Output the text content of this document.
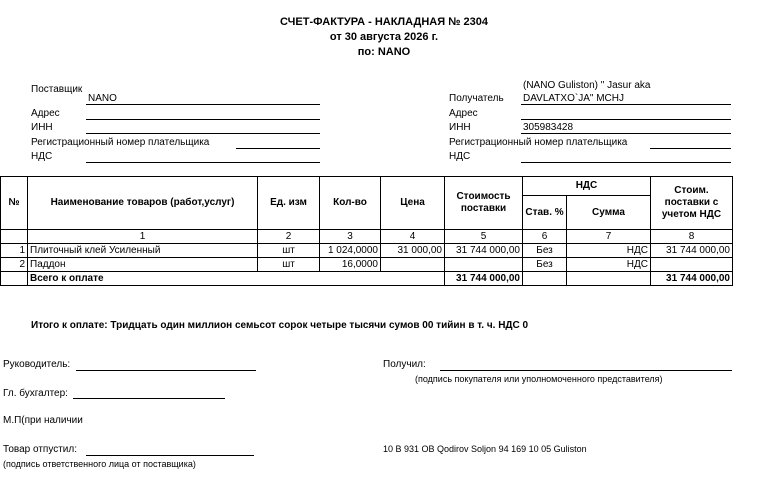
СЧЕТ-ФАКТУРА - НАКЛАДНАЯ № 2304
от 30 августа 2026 г.
по: NANO
Поставщик
NANO
Адрес
ИНН
Регистрационный номер плательщика
НДС
(NANO Guliston) " Jasur aka
Получатель DAVLATXO`JA" MCHJ
Адрес
ИНН	305983428
Регистрационный номер плательщика
НДС
№	Наименование товаров (работ,услуг)	Ед. изм	Кол-во	Цена	Стоимость поставки	НДС		Стоим. поставки с учетом НДС
						Став. %	Сумма	
	1	2	3	4	5	6	7	8
1	Плиточный клей Усиленный	шт	1 024,0000	31 000,00	31 744 000,00	Без	НДС	31 744 000,00
2	Паддон	шт	16,0000			Без	НДС	
	Всего к оплате				31 744 000,00			31 744 000,00
Итого к оплате: Тридцать один миллион семьсот сорок четыре тысячи сумов 00 тийин в т. ч. НДС 0
Руководитель:
Гл. бухгалтер:
М.П(при наличии
Товар отпустил:
(подпись ответственного лица от поставщика)
Получил:
(подпись покупателя или уполномоченного представителя)
10 B 931 OB Qodirov Soljon 94 169 10 05 Guliston
